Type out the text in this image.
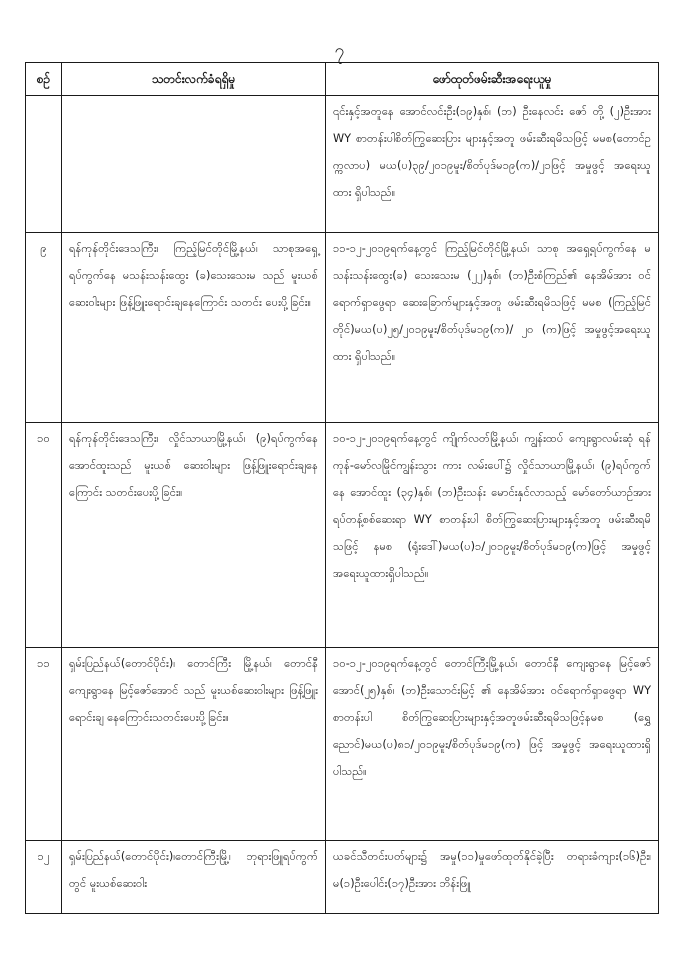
၇
စဉ်	သတင်းလက်ခံရရှိမှု	ဖော်ထုတ်ဖမ်းဆီးအရေးယူမှု
		၎င်းနှင့်အတူနေ အောင်လင်းဦး(၁၉)နှစ်၊ (ဘ) ဦးနေလင်း ဇော် တို့ (၂)ဦးအား WY စာတန်းပါစိတ်ကြွဆေးပြား များနှင့်အတူ ဖမ်းဆီးရမိသဖြင့် မမစ(တောင်ဥက္ကလာပ) မယ(ပ)၃၉/၂၀၁၉မူး/စိတ်ပုဒ်မ၁၉(က)/၂၁ဖြင့် အမှုဖွင့် အရေးယူထား ရှိပါသည်။
၉	ရန်ကုန်တိုင်းဒေသကြီး၊ ကြည့်မြင်တိုင်မြို့နယ်၊ သာစုအရှေ့ရပ်ကွက်နေ မသန်းသန်းထွေး (ခ)သေးသေးမ သည် မူးယစ်ဆေးဝါးများ ဖြန့်ဖြူးရောင်းချနေကြောင်း သတင်း ပေးပို့ခြင်း။	၁၁-၁၂-၂၀၁၉ရက်နေ့တွင် ကြည့်မြင်တိုင်မြို့နယ်၊ သာစု အရှေ့ရပ်ကွက်နေ မသန်းသန်းထွေး(ခ) သေးသေးမ (၂၂)နှစ်၊ (ဘ)ဦးစံကြည်၏ နေအိမ်အား ဝင်ရောက်ရှာဖွေရာ ဆေးခြောက်များနှင့်အတူ ဖမ်းဆီးရမိသဖြင့် မမစ (ကြည့်မြင်တိုင်)မယ(ပ)၂၅/၂၀၁၉မူး/စိတ်ပုဒ်မ၁၉(က)/ ၂၀ (က)ဖြင့် အမှုဖွင့်အရေးယူထား ရှိပါသည်။
၁၀	ရန်ကုန်တိုင်းဒေသကြီး၊ လှိုင်သာယာမြို့နယ်၊ (၉)ရပ်ကွက်နေ အောင်ထူးသည် မူးယစ် ဆေးဝါးများ ဖြန့်ဖြူးရောင်းချနေကြောင်း သတင်းပေးပို့ခြင်း။	၁၀-၁၂-၂၀၁၉ရက်နေ့တွင် ကျိုက်လတ်မြို့နယ်၊ ကျွန်းထပ် ကျေးရွာလမ်းဆုံ ရန်ကုန်-မော်လမြိုင်ကျွန်းသွား ကား လမ်းပေါ်၌ လှိုင်သာယာမြို့နယ်၊ (၉)ရပ်ကွက်နေ အောင်ထူး (၃၄)နှစ်၊ (ဘ)ဦးသန်း မောင်းနှင်လာသည့် မော်တော်ယာဉ်အား ရပ်တန့်စစ်ဆေးရာ WY စာတန်းပါ စိတ်ကြွဆေးပြားများနှင့်အတူ ဖမ်းဆီးရမိသဖြင့် နမစ (ရုံးဒေါ်)မယ(ပ)၁/၂၀၁၉မူး/စိတ်ပုဒ်မ၁၉(က)ဖြင့် အမှုဖွင့် အရေးယူထားရှိပါသည်။
၁၁	ရှမ်းပြည်နယ်(တောင်ပိုင်း)၊ တောင်ကြီး မြို့နယ်၊ တောင်နီကျေးရွာနေ မြင့်ဇော်အောင် သည် မူးယစ်ဆေးဝါးများ ဖြန့်ဖြူးရောင်းချ နေကြောင်းသတင်းပေးပို့ခြင်း။	၁၀-၁၂-၂၀၁၉ရက်နေ့တွင် တောင်ကြီးမြို့နယ်၊ တောင်နီ ကျေးရွာနေ မြင့်ဇော်အောင်(၂၅)နှစ်၊ (ဘ)ဦးသောင်းမြင့် ၏ နေအိမ်အား ဝင်ရောက်ရှာဖွေရာ WY စာတန်းပါ စိတ်ကြွဆေးပြားများနှင့်အတူဖမ်းဆီးရမိသဖြင့်နမစ (ရွှေညောင်)မယ(ပ)၈၁/၂၀၁၉မူး/စိတ်ပုဒ်မ၁၉(က) ဖြင့် အမှုဖွင့် အရေးယူထားရှိပါသည်။
၁၂	ရှမ်းပြည်နယ်(တောင်ပိုင်း)၊တောင်ကြီးမြို့၊ ဘုရားဖြူရပ်ကွက်တွင် မူးယစ်ဆေးဝါး	ယခင်သီတင်းပတ်များ၌ အမှု(၁၁)မှုဖော်ထုတ်နိုင်ခဲ့ပြီး တရားခံကျား(၁၆)ဦး၊မ(၁)ဦးပေါင်း(၁၇)ဦးအား ဘိန်းဖြူ
